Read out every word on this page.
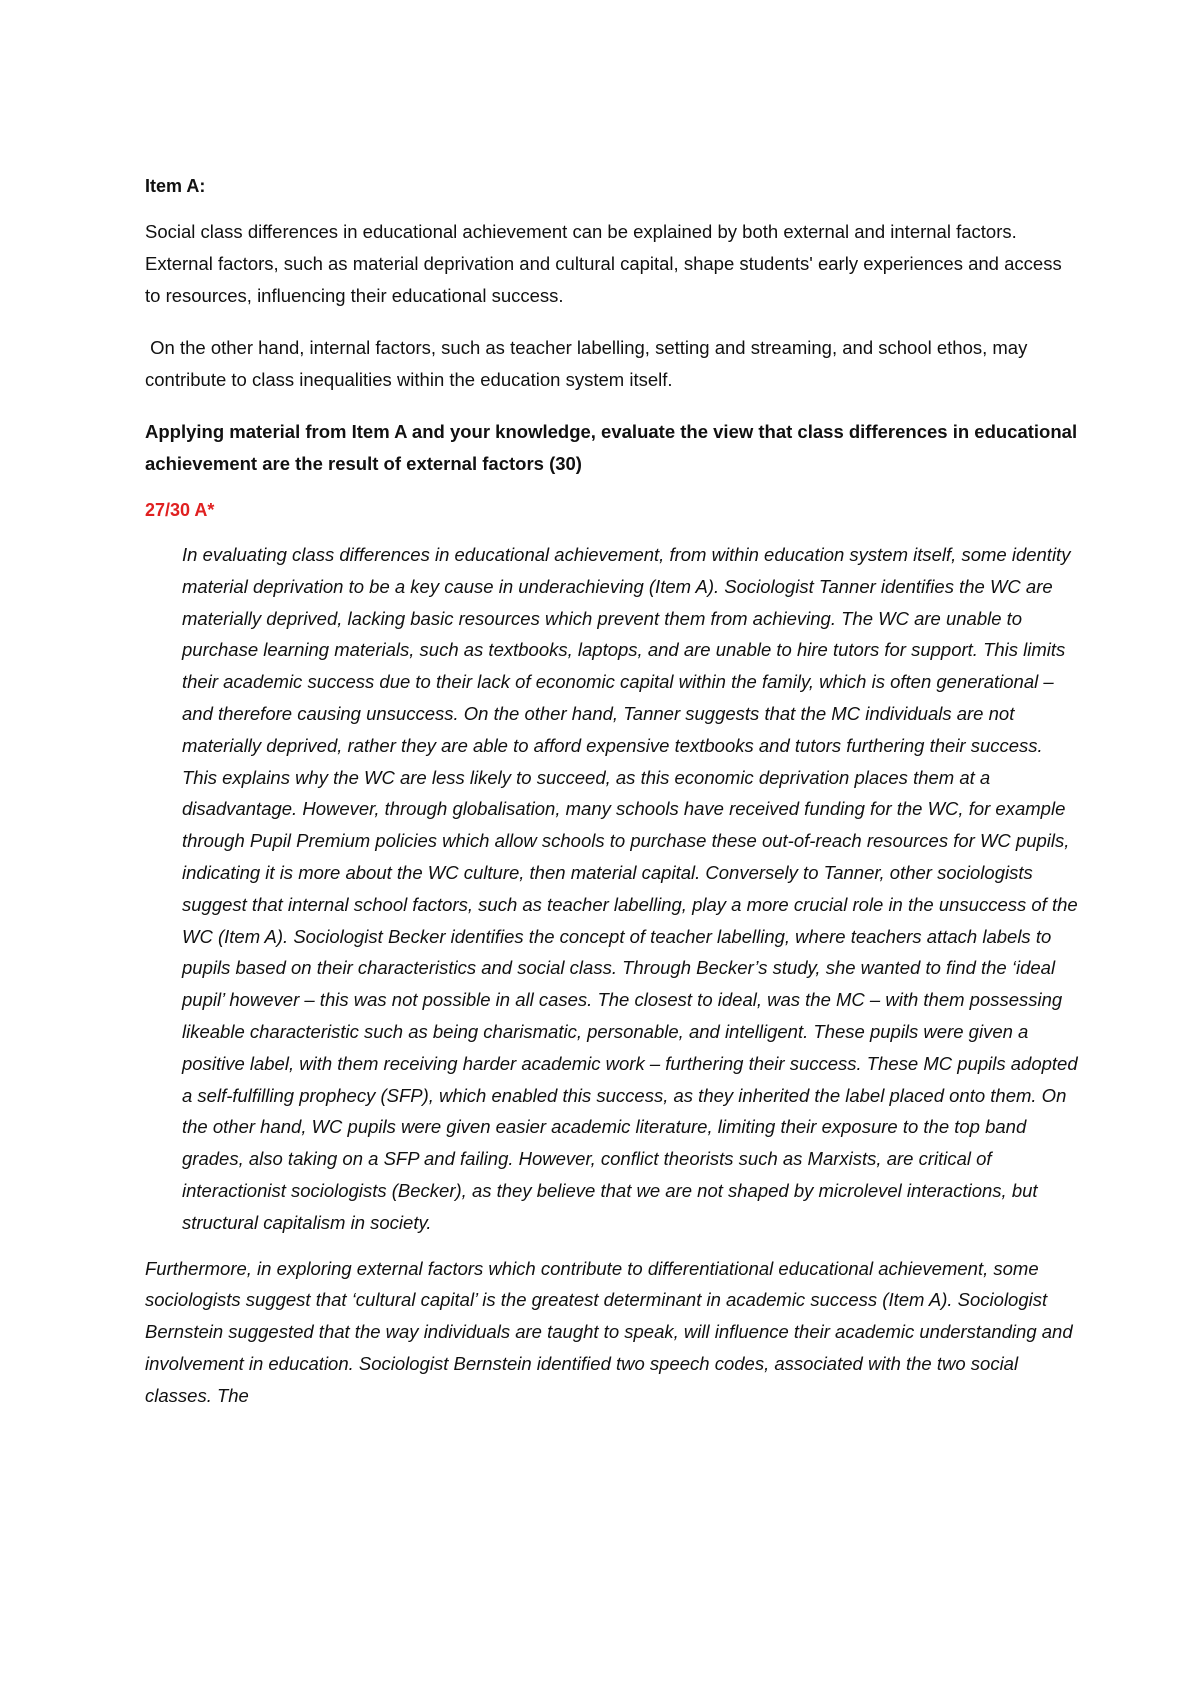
Item A:

Social class differences in educational achievement can be explained by both external and internal factors. External factors, such as material deprivation and cultural capital, shape students' early experiences and access to resources, influencing their educational success.

On the other hand, internal factors, such as teacher labelling, setting and streaming, and school ethos, may contribute to class inequalities within the education system itself.

Applying material from Item A and your knowledge, evaluate the view that class differences in educational achievement are the result of external factors (30)

27/30 A*

In evaluating class differences in educational achievement, from within education system itself, some identity material deprivation to be a key cause in underachieving (Item A). Sociologist Tanner identifies the WC are materially deprived, lacking basic resources which prevent them from achieving. The WC are unable to purchase learning materials, such as textbooks, laptops, and are unable to hire tutors for support. This limits their academic success due to their lack of economic capital within the family, which is often generational – and therefore causing unsuccess. On the other hand, Tanner suggests that the MC individuals are not materially deprived, rather they are able to afford expensive textbooks and tutors furthering their success. This explains why the WC are less likely to succeed, as this economic deprivation places them at a disadvantage. However, through globalisation, many schools have received funding for the WC, for example through Pupil Premium policies which allow schools to purchase these out-of-reach resources for WC pupils, indicating it is more about the WC culture, then material capital. Conversely to Tanner, other sociologists suggest that internal school factors, such as teacher labelling, play a more crucial role in the unsuccess of the WC (Item A). Sociologist Becker identifies the concept of teacher labelling, where teachers attach labels to pupils based on their characteristics and social class. Through Becker’s study, she wanted to find the ‘ideal pupil’ however – this was not possible in all cases. The closest to ideal, was the MC – with them possessing likeable characteristic such as being charismatic, personable, and intelligent. These pupils were given a positive label, with them receiving harder academic work – furthering their success. These MC pupils adopted a self-fulfilling prophecy (SFP), which enabled this success, as they inherited the label placed onto them. On the other hand, WC pupils were given easier academic literature, limiting their exposure to the top band grades, also taking on a SFP and failing. However, conflict theorists such as Marxists, are critical of interactionist sociologists (Becker), as they believe that we are not shaped by microlevel interactions, but structural capitalism in society.

Furthermore, in exploring external factors which contribute to differentiational educational achievement, some sociologists suggest that ‘cultural capital’ is the greatest determinant in academic success (Item A). Sociologist Bernstein suggested that the way individuals are taught to speak, will influence their academic understanding and involvement in education. Sociologist Bernstein identified two speech codes, associated with the two social classes. The
